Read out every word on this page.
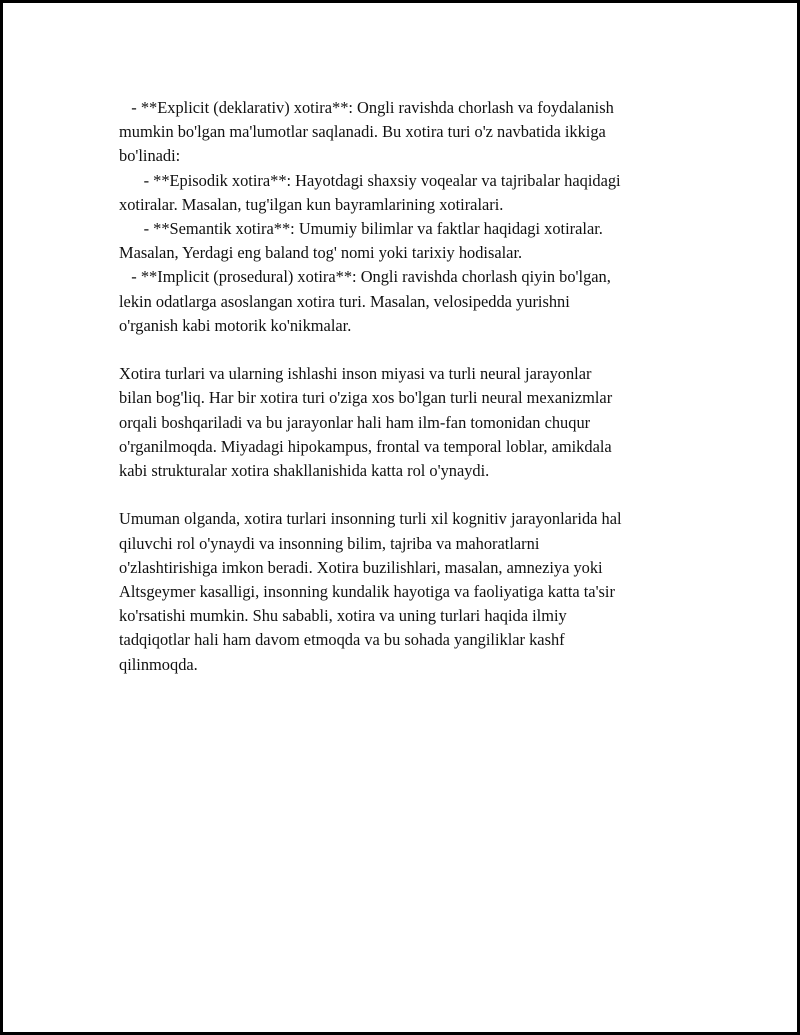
- **Explicit (deklarativ) xotira**: Ongli ravishda chorlash va foydalanish

mumkin bo'lgan ma'lumotlar saqlanadi. Bu xotira turi o'z navbatida ikkiga

bo'linadi:

- **Episodik xotira**: Hayotdagi shaxsiy voqealar va tajribalar haqidagi

xotiralar. Masalan, tug'ilgan kun bayramlarining xotiralari.

- **Semantik xotira**: Umumiy bilimlar va faktlar haqidagi xotiralar.

Masalan, Yerdagi eng baland tog' nomi yoki tarixiy hodisalar.

- **Implicit (prosedural) xotira**: Ongli ravishda chorlash qiyin bo'lgan,

lekin odatlarga asoslangan xotira turi. Masalan, velosipedda yurishni

o'rganish kabi motorik ko'nikmalar.

Xotira turlari va ularning ishlashi inson miyasi va turli neural jarayonlar

bilan bog'liq. Har bir xotira turi o'ziga xos bo'lgan turli neural mexanizmlar

orqali boshqariladi va bu jarayonlar hali ham ilm-fan tomonidan chuqur

o'rganilmoqda. Miyadagi hipokampus, frontal va temporal loblar, amikdala

kabi strukturalar xotira shakllanishida katta rol o'ynaydi.

Umuman olganda, xotira turlari insonning turli xil kognitiv jarayonlarida hal

qiluvchi rol o'ynaydi va insonning bilim, tajriba va mahoratlarni

o'zlashtirishiga imkon beradi. Xotira buzilishlari, masalan, amneziya yoki

Altsgeymer kasalligi, insonning kundalik hayotiga va faoliyatiga katta ta'sir

ko'rsatishi mumkin. Shu sababli, xotira va uning turlari haqida ilmiy

tadqiqotlar hali ham davom etmoqda va bu sohada yangiliklar kashf

qilinmoqda.
